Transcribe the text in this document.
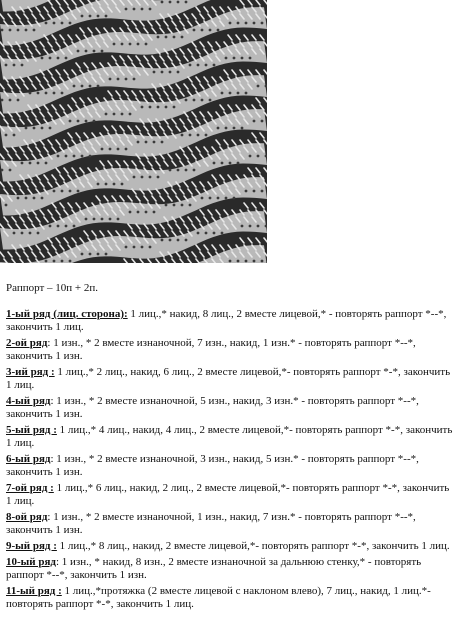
Раппорт – 10п + 2п.
1-ый ряд (лиц. сторона): 1 лиц.,* накид, 8 лиц., 2 вместе лицевой,* - повторять раппорт *--*, закончить 1 лиц.
2-ой ряд: 1 изн., * 2 вместе изнаночной, 7 изн., накид, 1 изн.* - повторять раппорт *--*, закончить 1 изн.
3-ий ряд : 1 лиц.,* 2 лиц., накид, 6 лиц., 2 вместе лицевой,*- повторять раппорт *-*, закончить 1 лиц.
4-ый ряд: 1 изн., * 2 вместе изнаночной, 5 изн., накид, 3 изн.* - повторять раппорт *--*, закончить 1 изн.
5-ый ряд : 1 лиц.,* 4 лиц., накид, 4 лиц., 2 вместе лицевой,*- повторять раппорт *-*, закончить 1 лиц.
6-ый ряд: 1 изн., * 2 вместе изнаночной, 3 изн., накид, 5 изн.* - повторять раппорт *--*, закончить 1 изн.
7-ой ряд : 1 лиц.,* 6 лиц., накид, 2 лиц., 2 вместе лицевой,*- повторять раппорт *-*, закончить 1 лиц.
8-ой ряд: 1 изн., * 2 вместе изнаночной, 1 изн., накид, 7 изн.* - повторять раппорт *--*, закончить 1 изн.
9-ый ряд : 1 лиц.,* 8 лиц., накид, 2 вместе лицевой,*- повторять раппорт *-*, закончить 1 лиц.
10-ый ряд: 1 изн., * накид, 8 изн., 2 вместе изнаночной за дальнюю стенку,* - повторять раппорт *--*, закончить 1 изн.
11-ый ряд : 1 лиц.,*протяжка (2 вместе лицевой с наклоном влево), 7 лиц., накид, 1 лиц.*- повторять раппорт *-*, закончить 1 лиц.
